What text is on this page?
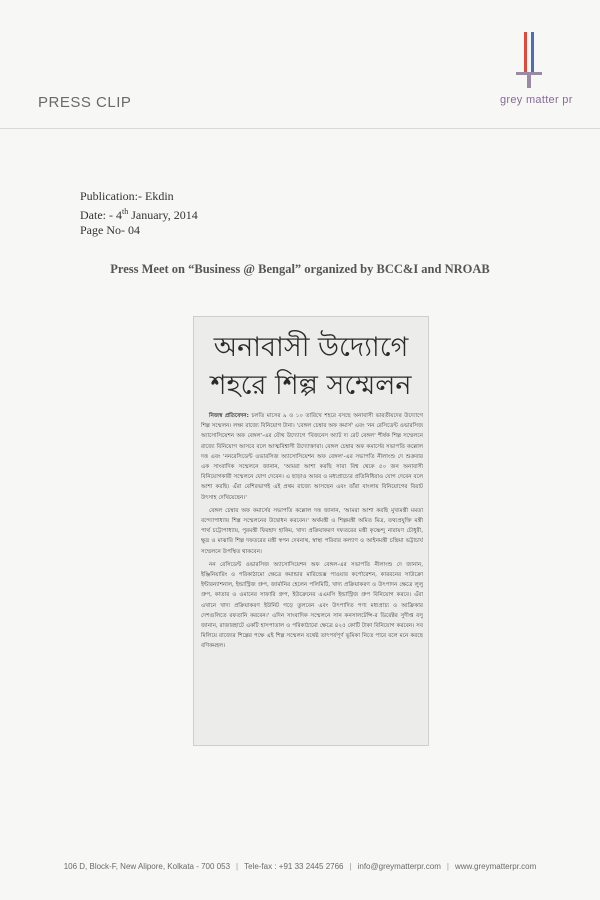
PRESS CLIP	grey matter pr
Publication:- Ekdin
Date: - 4th January, 2014
Page No- 04
Press Meet on “Business @ Bengal” organized by BCC&I and NROAB
অনাবাসী উদ্যোগে
শহরে শিল্প সম্মেলন

নিজস্ব প্রতিবেদন: চলতি মাসের ৯ ও ১০ তারিখে শহরে বসছে অনাবাসী ভারতীয়দের উদ্যোগে শিল্প সম্মেলন। লক্ষ্য রাজ্যে বিনিয়োগ টানা। 'বেঙ্গল চেম্বার অফ কমার্স' এবং 'নন রেসিডেন্ট ওভারসিজ অ্যাসোসিয়েশন অফ বেঙ্গল'-এর যৌথ উদ্যোগে 'বিজনেস অ্যাট দ্য রেট বেঙ্গল' শীর্ষক শিল্প সম্মেলনে রাজ্যে বিনিয়োগ আসবে বলে আত্মবিশ্বাসী উদ্যোক্তারা। বেঙ্গল চেম্বার অফ কমার্সের সভাপতি কল্লোল দত্ত এবং 'ননরেসিডেন্ট ওভারসিজ অ্যাসোসিয়েশন অফ বেঙ্গল'-এর সভাপতি নীলাংশু দে শুক্রবার এক সাংবাদিক সম্মেলনে জানান, 'আমরা আশা করছি সারা বিশ্ব থেকে ৫০ জন অনাবাসী বিনিয়োগকারী সম্মেলনে যোগ দেবেন। এ ছাড়াও আরব ও মধ্যপ্রাচ্যের প্রতিনিধিরাও যোগ দেবেন বলে আশা করছি। এঁরা বেশিরভাগই এই প্রথম রাজ্যে আসছেন এবং তাঁরা বাংলায় বিনিয়োগের বিরাট উৎসাহ দেখিয়েছেন।'

বেঙ্গল চেম্বার অফ কমার্সের সভাপতি কল্লোল দত্ত জানান, 'আমরা আশা করছি মুখ্যমন্ত্রী মমতা বন্দ্যোপাধ্যায় শিল্প সম্মেলনের উদ্বোধন করবেন।' অর্থমন্ত্রী ও শিল্পমন্ত্রী অমিত মিত্র, তথ্যপ্রযুক্তি মন্ত্রী পার্থ চট্টোপাধ্যায়, পুরমন্ত্রী ফিরহাদ হাকিম, খাদ্য প্রক্রিয়াকরণ দফতরের মন্ত্রী কৃষ্ণেন্দু নারায়ণ চৌধুরী, ক্ষুদ্র ও মাঝারি শিল্প দফতরের মন্ত্রী স্বপন দেবনাথ, স্বাস্থ্য পরিবার কল্যাণ ও আইনমন্ত্রী চন্দ্রিমা ভট্টাচার্য সম্মেলনে উপস্থিত থাকবেন।

নন রেসিডেন্ট ওভারসিজ অ্যাসোসিয়েশন অফ বেঙ্গল-এর সভাপতি নীলাংশু দে জানান, ইঞ্জিনিয়ারিং ও পরিকাঠামো ক্ষেত্রে কমান্ডার মারিন্ডেক্স পাওয়ার কর্পোরেশন, কারবনের সাউক্রো ইন্টারন্যাশনাল, ইন্ডাস্ট্রিজ গ্রুপ, জার্মানির হেলেন পলিমিটি, খাদ্য প্রক্রিয়াকরণ ও উৎপাদন ক্ষেত্রে লুলু গ্রুপ, কাতার ও ওমানের সাফারি গ্রুপ, ইউক্রেনের এএমসি ইন্ডাস্ট্রিজ গ্রুপ বিনিয়োগ করবে। এঁরা এখানে খাদ্য প্রক্রিয়াকরণ ইউনিট গড়ে তুলবেন এবং উৎপাদিত পণ্য মধ্যপ্রাচ্য ও আফ্রিকার দেশগুলিতে রফতানি করবেন।' এদিন সাংবাদিক সম্মেলনে সান কনসালটেন্সি-র ডিরেক্টর সুদীপ্ত বসু জানান, রাজারহাটে একটি হাসপাতাল ও পরিকাঠামো ক্ষেত্রে ৪২৫ কোটি টাকা বিনিয়োগ করবেন। সব মিলিয়ে রাজ্যের শিল্পের পক্ষে এই শিল্প সম্মেলন যথেষ্ট তাৎপর্যপূর্ণ ভূমিকা নিতে পারে বলে মনে করছে বণিকমহল।

106 D, Block-F, New Alipore, Kolkata - 700 053 | Tele-fax : +91 33 2445 2766 | info@greymatterpr.com | www.greymatterpr.com
